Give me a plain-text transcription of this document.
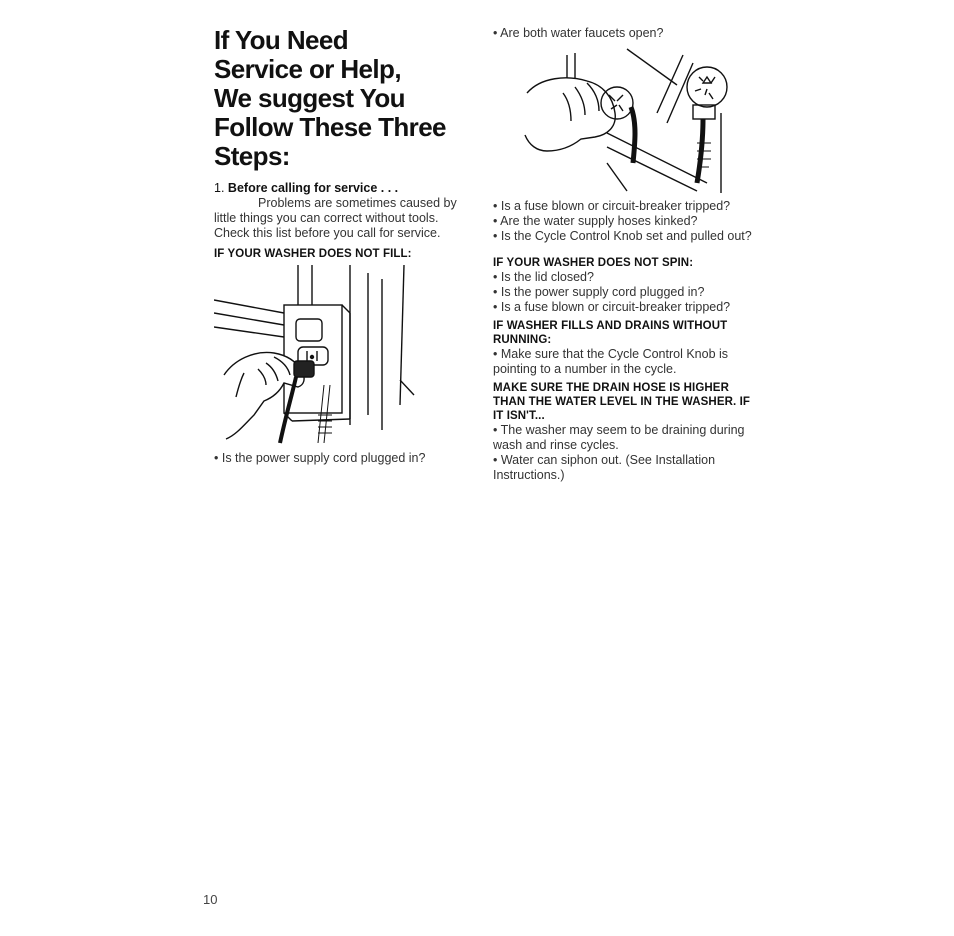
If You Need
Service or Help,
We suggest You
Follow These Three
Steps:

1. Before calling for service . . .

Problems are sometimes caused by little things you can correct without tools. Check this list before you call for service.

IF YOUR WASHER DOES NOT FILL:

• Is the power supply cord plugged in?

• Are both water faucets open?

• Is a fuse blown or circuit-breaker tripped?

• Are the water supply hoses kinked?

• Is the Cycle Control Knob set and pulled out?

IF YOUR WASHER DOES NOT SPIN:

• Is the lid closed?

• Is the power supply cord plugged in?

• Is a fuse blown or circuit-breaker tripped?

IF WASHER FILLS AND DRAINS WITHOUT RUNNING:

• Make sure that the Cycle Control Knob is pointing to a number in the cycle.

MAKE SURE THE DRAIN HOSE IS HIGHER THAN THE WATER LEVEL IN THE WASHER. IF IT ISN'T...

• The washer may seem to be draining during wash and rinse cycles.

• Water can siphon out. (See Installation Instructions.)

10
